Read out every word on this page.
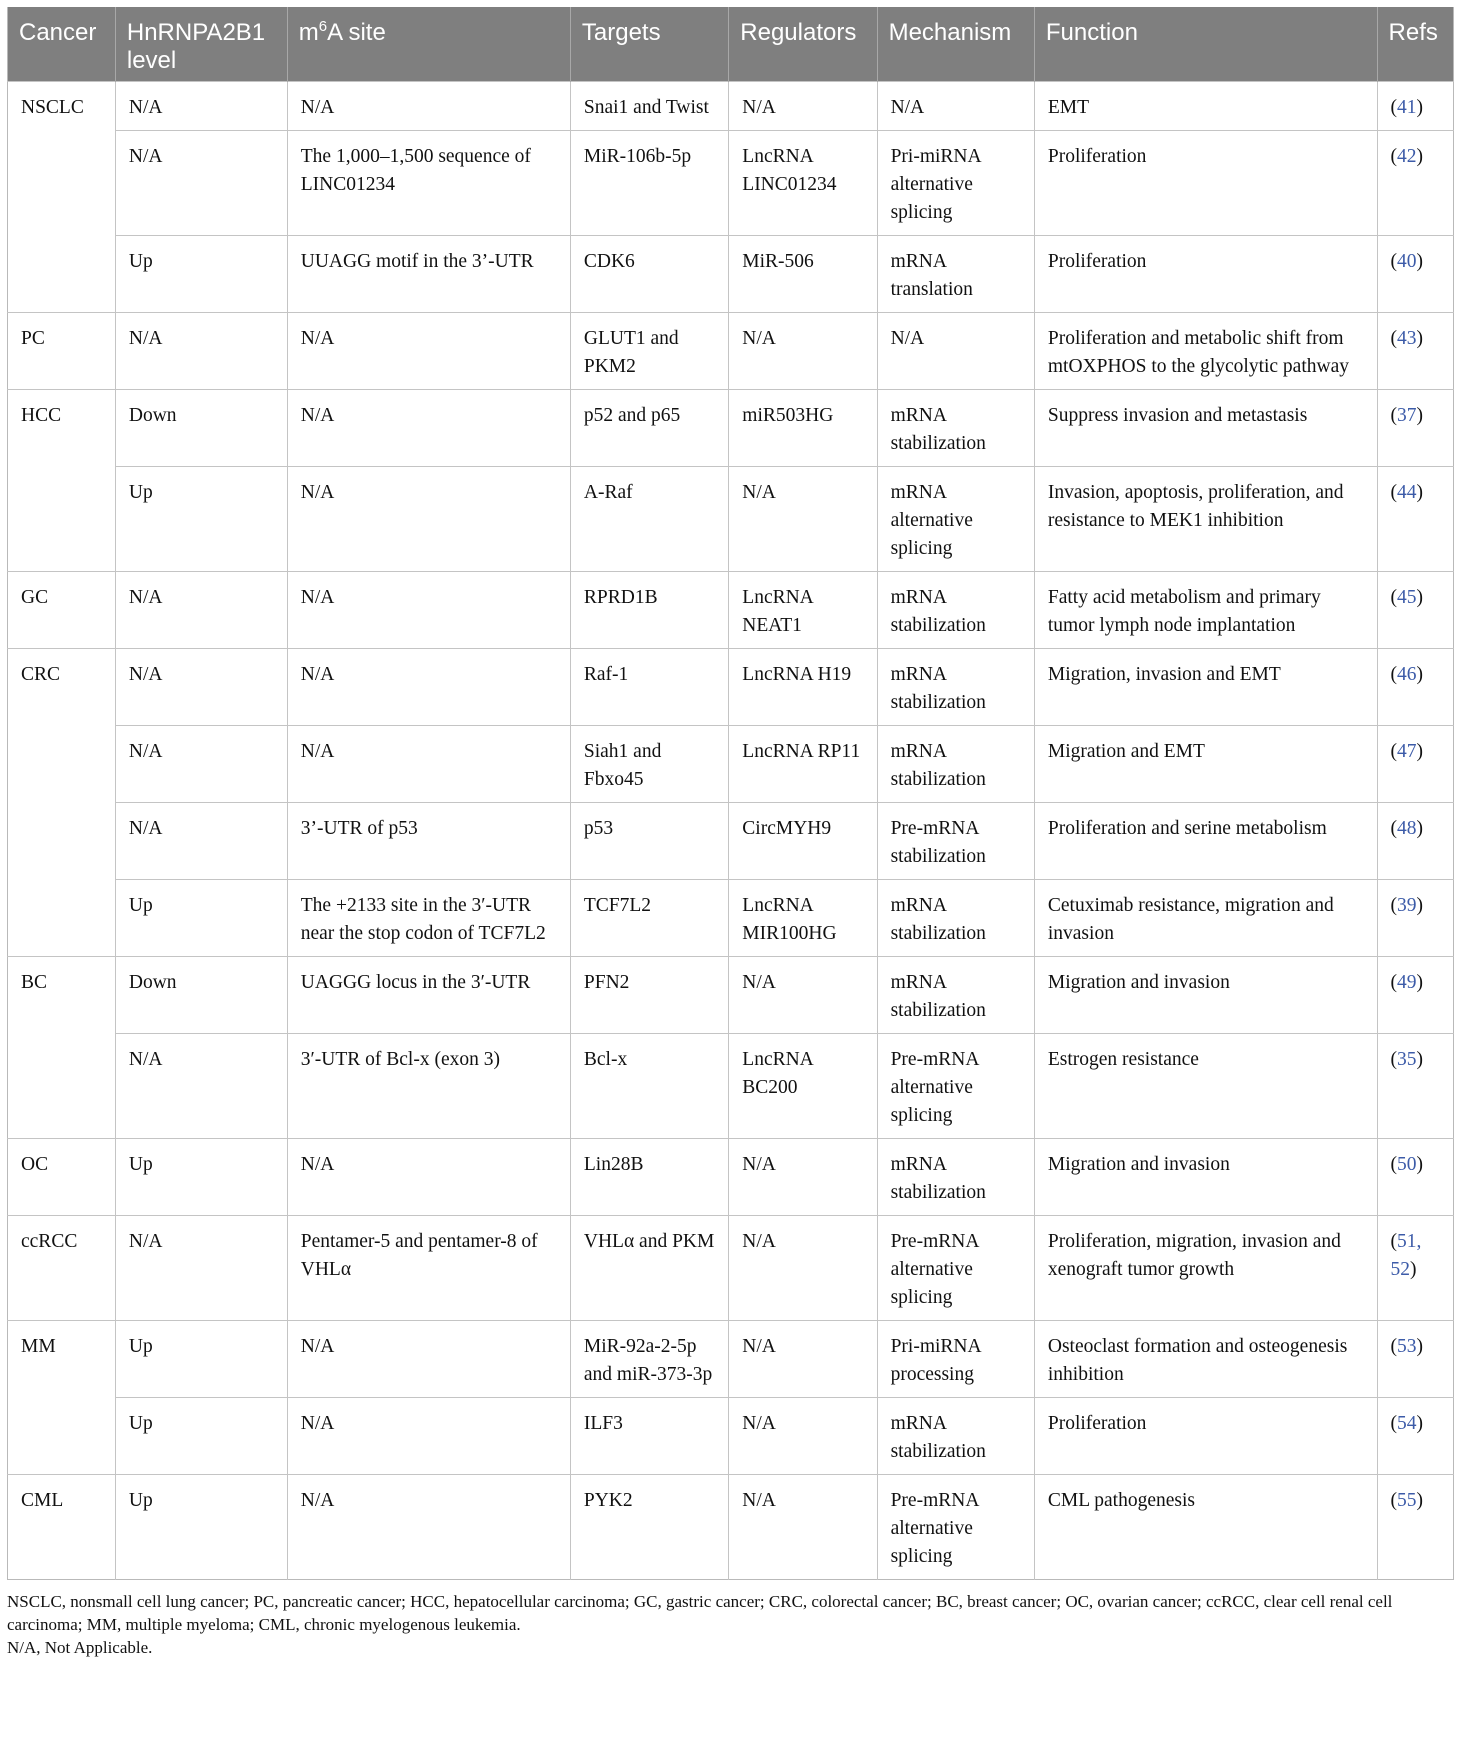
Cancer	HnRNPA2B1 level	$m^6A$ site	Targets	Regulators	Mechanism	Function	Refs
NSCLC	N/A	N/A	Snai1 and Twist	N/A	N/A	EMT	(41)
	N/A	The 1,000–1,500 sequence of LINC01234	MiR-106b-5p	LncRNA LINC01234	Pri-miRNA alternative splicing	Proliferation	(42)
	Up	UUAGG motif in the 3’-UTR	CDK6	MiR-506	mRNA translation	Proliferation	(40)
PC	N/A	N/A	GLUT1 and PKM2	N/A	N/A	Proliferation and metabolic shift from mtOXPHOS to the glycolytic pathway	(43)
HCC	Down	N/A	p52 and p65	miR503HG	mRNA stabilization	Suppress invasion and metastasis	(37)
	Up	N/A	A-Raf	N/A	mRNA alternative splicing	Invasion, apoptosis, proliferation, and resistance to MEK1 inhibition	(44)
GC	N/A	N/A	RPRD1B	LncRNA NEAT1	mRNA stabilization	Fatty acid metabolism and primary tumor lymph node implantation	(45)
CRC	N/A	N/A	Raf-1	LncRNA H19	mRNA stabilization	Migration, invasion and EMT	(46)
	N/A	N/A	Siah1 and Fbxo45	LncRNA RP11	mRNA stabilization	Migration and EMT	(47)
	N/A	3’-UTR of p53	p53	CircMYH9	Pre-mRNA stabilization	Proliferation and serine metabolism	(48)
	Up	The +2133 site in the 3′-UTR near the stop codon of TCF7L2	TCF7L2	LncRNA MIR100HG	mRNA stabilization	Cetuximab resistance, migration and invasion	(39)
BC	Down	UAGGG locus in the 3′-UTR	PFN2	N/A	mRNA stabilization	Migration and invasion	(49)
	N/A	3′-UTR of Bcl-x (exon 3)	Bcl-x	LncRNA BC200	Pre-mRNA alternative splicing	Estrogen resistance	(35)
OC	Up	N/A	Lin28B	N/A	mRNA stabilization	Migration and invasion	(50)
ccRCC	N/A	Pentamer-5 and pentamer-8 of VHLα	VHLα and PKM	N/A	Pre-mRNA alternative splicing	Proliferation, migration, invasion and xenograft tumor growth	(51, 52)
MM	Up	N/A	MiR-92a-2-5p and miR-373-3p	N/A	Pri-miRNA processing	Osteoclast formation and osteogenesis inhibition	(53)
	Up	N/A	ILF3	N/A	mRNA stabilization	Proliferation	(54)
CML	Up	N/A	PYK2	N/A	Pre-mRNA alternative splicing	CML pathogenesis	(55)
NSCLC, nonsmall cell lung cancer; PC, pancreatic cancer; HCC, hepatocellular carcinoma; GC, gastric cancer; CRC, colorectal cancer; BC, breast cancer; OC, ovarian cancer; ccRCC, clear cell renal cell carcinoma; MM, multiple myeloma; CML, chronic myelogenous leukemia.
N/A, Not Applicable.
